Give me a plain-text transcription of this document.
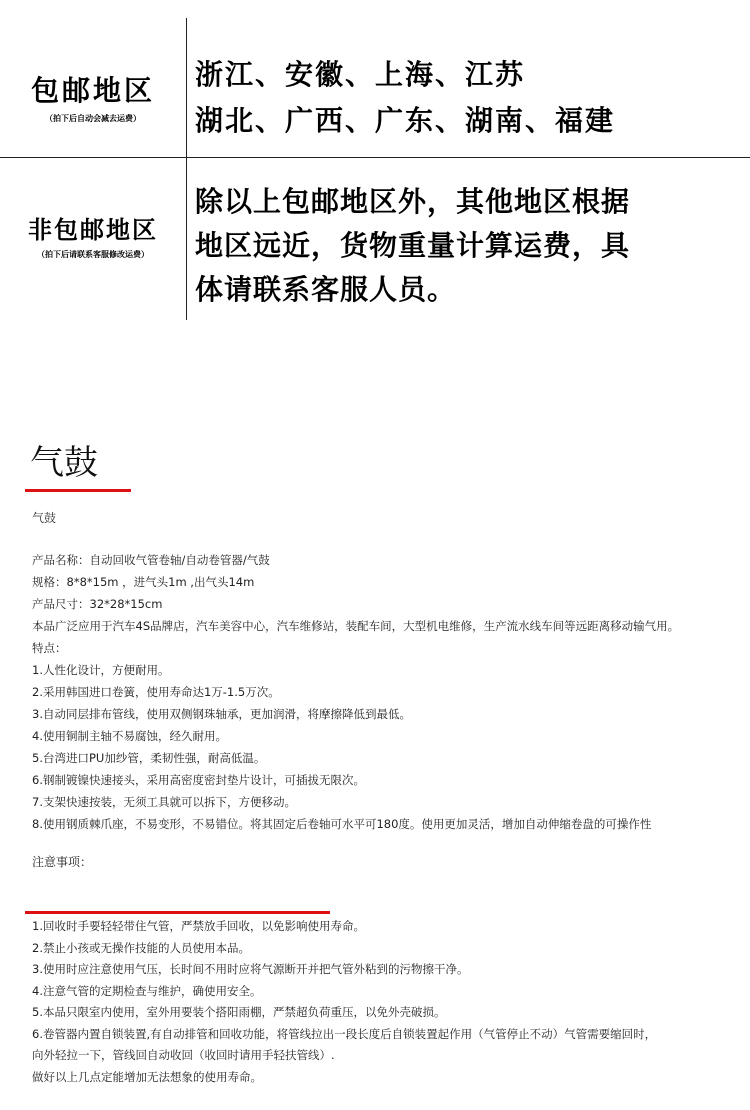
包邮地区
（拍下后自动会减去运费）
浙江、安徽、上海、江苏
湖北、广西、广东、湖南、福建
非包邮地区
（拍下后请联系客服修改运费）
除以上包邮地区外，其他地区根据
地区远近，货物重量计算运费，具
体请联系客服人员。
气鼓
气鼓
产品名称：自动回收气管卷轴/自动卷管器/气鼓
规格：8*8*15m ，进气头1m ,出气头14m
产品尺寸：32*28*15cm
本品广泛应用于汽车4S品牌店，汽车美容中心，汽车维修站，装配车间，大型机电维修，生产流水线车间等远距离移动输气用。
特点：
1.人性化设计，方便耐用。
2.采用韩国进口卷簧，使用寿命达1万-1.5万次。
3.自动同层排布管线，使用双侧钢珠轴承，更加润滑，将摩擦降低到最低。
4.使用铜制主轴不易腐蚀，经久耐用。
5.台湾进口PU加纱管，柔韧性强，耐高低温。
6.钢制镀镍快速接头，采用高密度密封垫片设计，可插拔无限次。
7.支架快速按装，无须工具就可以拆下，方便移动。
8.使用钢质棘爪座，不易变形，不易错位。将其固定后卷轴可水平可180度。使用更加灵活，增加自动伸缩卷盘的可操作性
注意事项：
1.回收时手要轻轻带住气管，严禁放手回收，以免影响使用寿命。
2.禁止小孩或无操作技能的人员使用本品。
3.使用时应注意使用气压，长时间不用时应将气源断开并把气管外粘到的污物擦干净。
4.注意气管的定期检查与维护，确使用安全。
5.本品只限室内使用，室外用要装个搭阳雨棚，严禁超负荷重压，以免外壳破损。
6.卷管器内置自锁装置,有自动排管和回收功能，将管线拉出一段长度后自锁装置起作用（气管停止不动）气管需要缩回时，
向外轻拉一下，管线回自动收回（收回时请用手轻扶管线）.
做好以上几点定能增加无法想象的使用寿命。
